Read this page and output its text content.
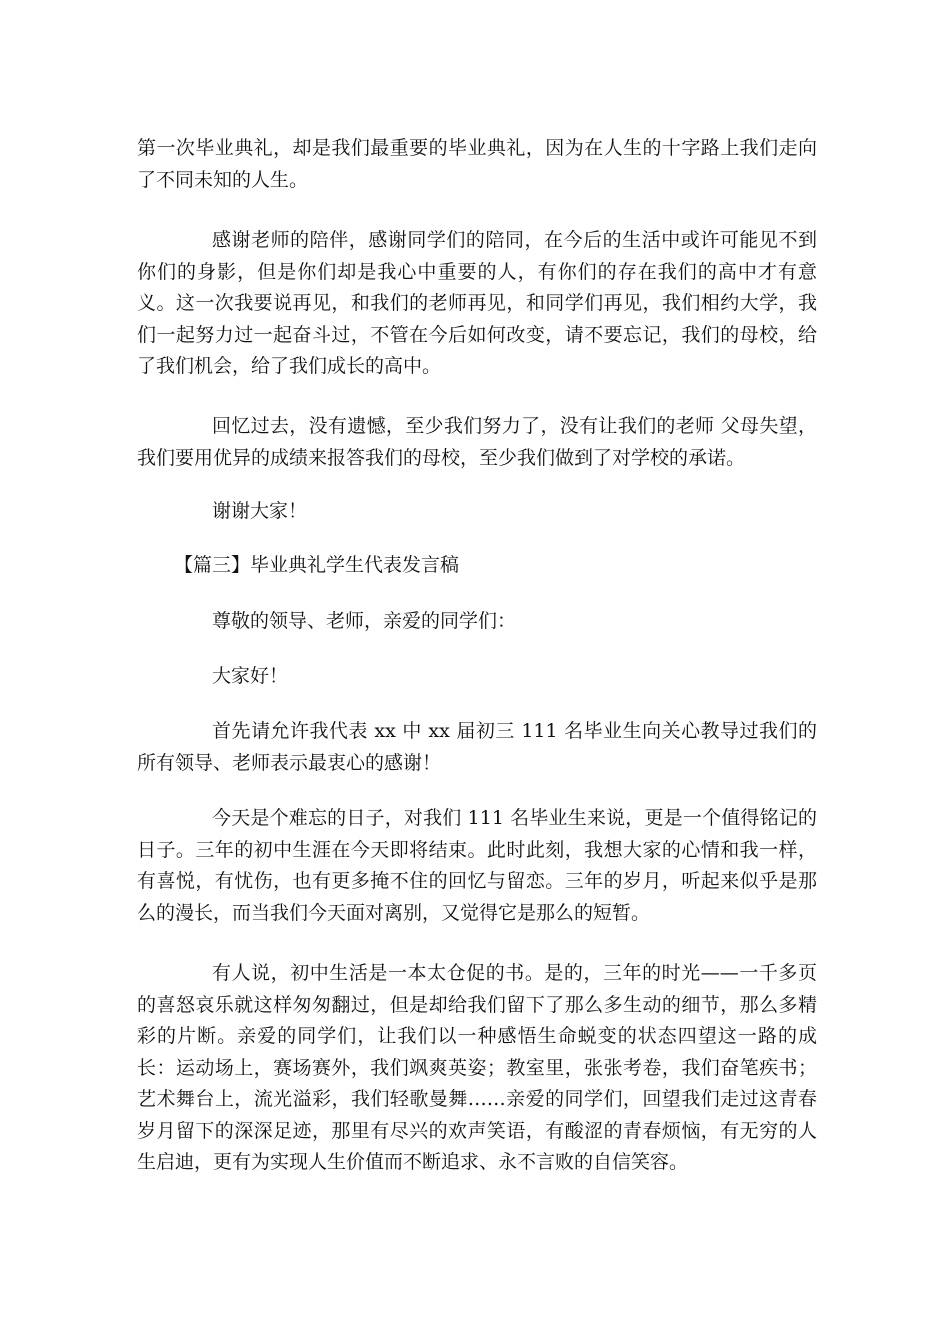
第一次毕业典礼，却是我们最重要的毕业典礼，因为在人生的十字路上我们走向了不同未知的人生。

感谢老师的陪伴，感谢同学们的陪同，在今后的生活中或许可能见不到你们的身影，但是你们却是我心中重要的人，有你们的存在我们的高中才有意义。这一次我要说再见，和我们的老师再见，和同学们再见，我们相约大学，我们一起努力过一起奋斗过，不管在今后如何改变，请不要忘记，我们的母校，给了我们机会，给了我们成长的高中。

回忆过去，没有遗憾，至少我们努力了，没有让我们的老师 父母失望，我们要用优异的成绩来报答我们的母校，至少我们做到了对学校的承诺。

谢谢大家！

【篇三】毕业典礼学生代表发言稿

尊敬的领导、老师，亲爱的同学们：

大家好！

首先请允许我代表 xx 中 xx 届初三 111 名毕业生向关心教导过我们的所有领导、老师表示最衷心的感谢！

今天是个难忘的日子，对我们 111 名毕业生来说，更是一个值得铭记的日子。三年的初中生涯在今天即将结束。此时此刻，我想大家的心情和我一样，有喜悦，有忧伤，也有更多掩不住的回忆与留恋。三年的岁月，听起来似乎是那么的漫长，而当我们今天面对离别，又觉得它是那么的短暂。

有人说，初中生活是一本太仓促的书。是的，三年的时光——一千多页的喜怒哀乐就这样匆匆翻过，但是却给我们留下了那么多生动的细节，那么多精彩的片断。亲爱的同学们，让我们以一种感悟生命蜕变的状态四望这一路的成长：运动场上，赛场赛外，我们飒爽英姿；教室里，张张考卷，我们奋笔疾书；艺术舞台上，流光溢彩，我们轻歌曼舞……亲爱的同学们，回望我们走过这青春岁月留下的深深足迹，那里有尽兴的欢声笑语，有酸涩的青春烦恼，有无穷的人生启迪，更有为实现人生价值而不断追求、永不言败的自信笑容。
